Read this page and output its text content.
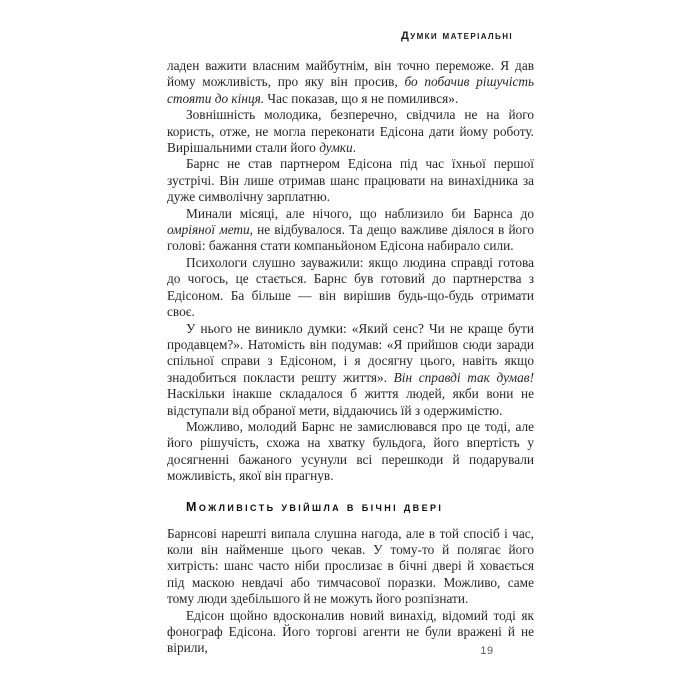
Думки матеріальні

ладен важити власним майбутнім, він точно переможе. Я дав йому можливість, про яку він просив, бо побачив рішучість стояти до кінця. Час показав, що я не помилився».

Зовнішність молодика, безперечно, свідчила не на його користь, отже, не могла переконати Едісона дати йому роботу. Вирішальними стали його думки.

Барнс не став партнером Едісона під час їхньої першої зустрічі. Він лише отримав шанс працювати на винахідника за дуже символічну зарплатню.

Минали місяці, але нічого, що наблизило би Барнса до омріяної мети, не відбувалося. Та дещо важливе діялося в його голові: бажання стати компаньйоном Едісона набирало сили.

Психологи слушно зауважили: якщо людина справді готова до чогось, це стається. Барнс був готовий до партнерства з Едісоном. Ба більше — він вирішив будь-що-будь отримати своє.

У нього не виникло думки: «Який сенс? Чи не краще бути продавцем?». Натомість він подумав: «Я прийшов сюди заради спільної справи з Едісоном, і я досягну цього, навіть якщо знадобиться покласти решту життя». Він справді так думав! Наскільки інакше складалося б життя людей, якби вони не відступали від обраної мети, віддаючись їй з одержимістю.

Можливо, молодий Барнс не замислювався про це тоді, але його рішучість, схожа на хватку бульдога, його впертість у досягненні бажаного усунули всі перешкоди й подарували можливість, якої він прагнув.

Можливість увійшла в бічні двері

Барнсові нарешті випала слушна нагода, але в той спосіб і час, коли він найменше цього чекав. У тому-то й полягає його хитрість: шанс часто ніби прослизає в бічні двері й ховається під маскою невдачі або тимчасової поразки. Можливо, саме тому люди здебільшого й не можуть його розпізнати.

Едісон щойно вдосконалив новий винахід, відомий тоді як фонограф Едісона. Його торгові агенти не були вражені й не вірили,	19
